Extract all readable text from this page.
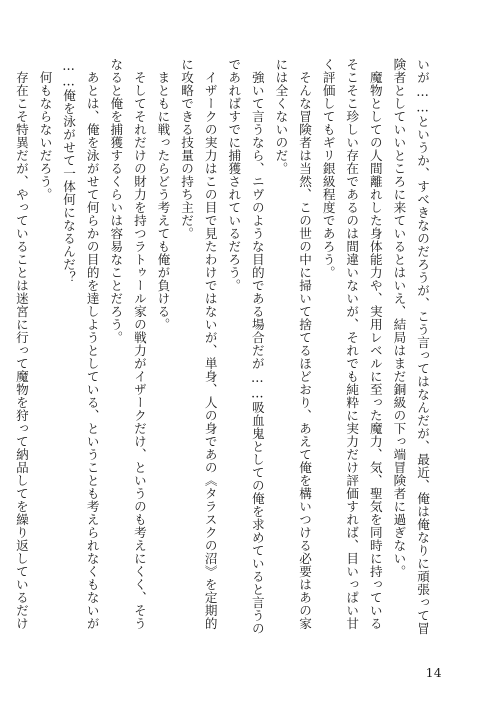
いが……というか、すべきなのだろうが、こう言ってはなんだが、最近、俺は俺なりに頑張って冒

険者としていいところに来ているとはいえ、結局はまだ銅級の下っ端冒険者に過ぎない。

　魔物としての人間離れした身体能力や、実用レベルに至った魔力、気、聖気を同時に持っている

そこそこ珍しい存在であるのは間違いないが、それでも純粋に実力だけ評価すれば、目いっぱい甘

く評価してもギリ銀級程度であろう。

　そんな冒険者は当然、この世の中に掃いて捨てるほどおり、あえて俺を構いつける必要はあの家

には全くないのだ。

　強いて言うなら、ニヴのような目的である場合だが……吸血鬼としての俺を求めていると言うの

であればすでに捕獲されているだろう。

　イザークの実力はこの目で見たわけではないが、単身、人の身であの《タラスクの沼》を定期的

に攻略できる技量の持ち主だ。

　まともに戦ったらどう考えても俺が負ける。

　そしてそれだけの財力を持つラトゥール家の戦力がイザークだけ、というのも考えにくく、そう

なると俺を捕獲するくらいは容易なことだろう。

　あとは、俺を泳がせて何らかの目的を達しようとしている、ということも考えられなくもないが

……俺を泳がせて一体何になるんだ？

　何もならないだろう。

　存在こそ特異だが、やっていることは迷宮に行って魔物を狩って納品してを繰り返しているだけ

14
